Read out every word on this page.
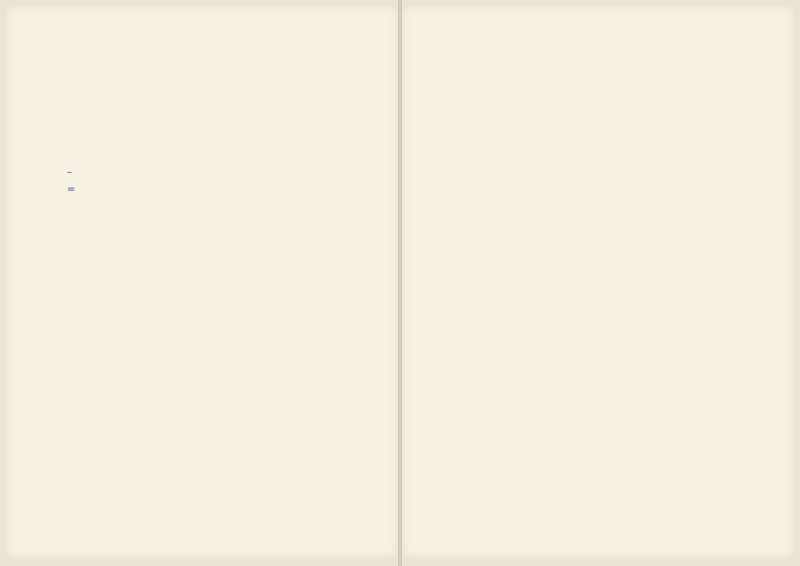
–
=
